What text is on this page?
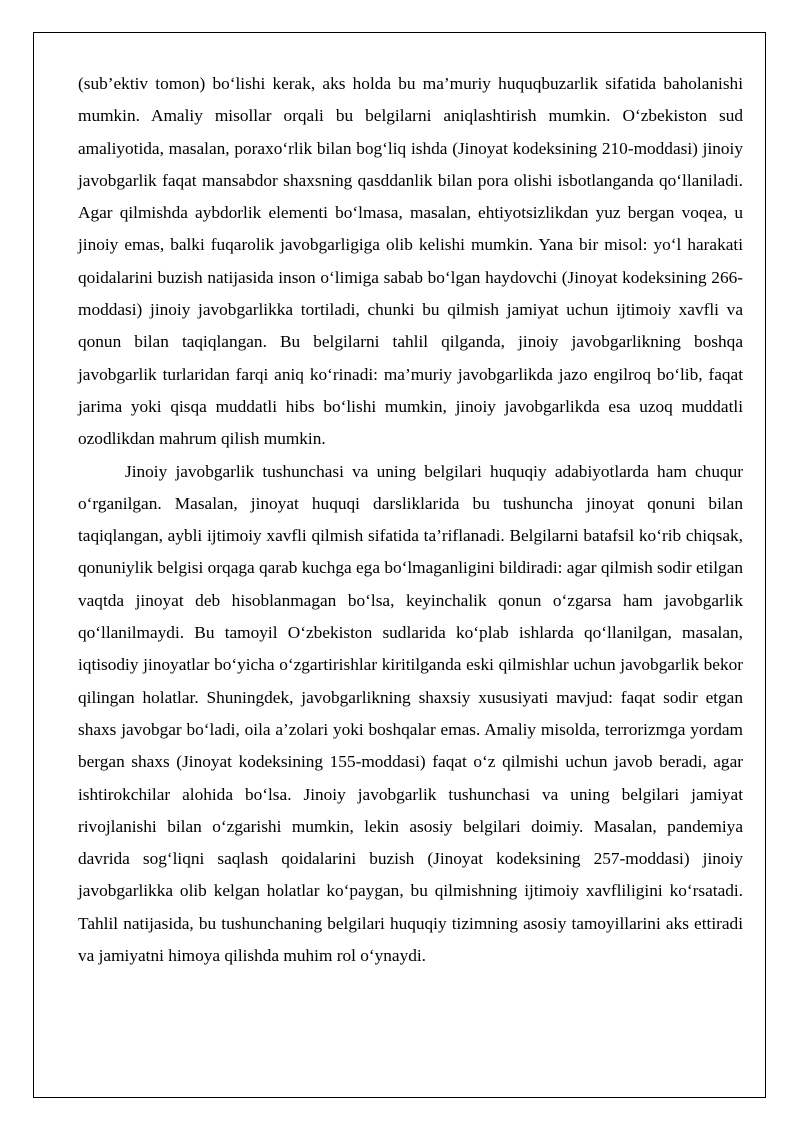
(sub’ektiv tomon) bo‘lishi kerak, aks holda bu ma’muriy huquqbuzarlik sifatida baholanishi mumkin. Amaliy misollar orqali bu belgilarni aniqlashtirish mumkin. O‘zbekiston sud amaliyotida, masalan, poraxo‘rlik bilan bog‘liq ishda (Jinoyat kodeksining 210-moddasi) jinoiy javobgarlik faqat mansabdor shaxsning qasddanlik bilan pora olishi isbotlanganda qo‘llaniladi. Agar qilmishda aybdorlik elementi bo‘lmasa, masalan, ehtiyotsizlikdan yuz bergan voqea, u jinoiy emas, balki fuqarolik javobgarligiga olib kelishi mumkin. Yana bir misol: yo‘l harakati qoidalarini buzish natijasida inson o‘limiga sabab bo‘lgan haydovchi (Jinoyat kodeksining 266-moddasi) jinoiy javobgarlikka tortiladi, chunki bu qilmish jamiyat uchun ijtimoiy xavfli va qonun bilan taqiqlangan. Bu belgilarni tahlil qilganda, jinoiy javobgarlikning boshqa javobgarlik turlaridan farqi aniq ko‘rinadi: ma’muriy javobgarlikda jazo engilroq bo‘lib, faqat jarima yoki qisqa muddatli hibs bo‘lishi mumkin, jinoiy javobgarlikda esa uzoq muddatli ozodlikdan mahrum qilish mumkin.

Jinoiy javobgarlik tushunchasi va uning belgilari huquqiy adabiyotlarda ham chuqur o‘rganilgan. Masalan, jinoyat huquqi darsliklarida bu tushuncha jinoyat qonuni bilan taqiqlangan, aybli ijtimoiy xavfli qilmish sifatida ta’riflanadi. Belgilarni batafsil ko‘rib chiqsak, qonuniylik belgisi orqaga qarab kuchga ega bo‘lmaganligini bildiradi: agar qilmish sodir etilgan vaqtda jinoyat deb hisoblanmagan bo‘lsa, keyinchalik qonun o‘zgarsa ham javobgarlik qo‘llanilmaydi. Bu tamoyil O‘zbekiston sudlarida ko‘plab ishlarda qo‘llanilgan, masalan, iqtisodiy jinoyatlar bo‘yicha o‘zgartirishlar kiritilganda eski qilmishlar uchun javobgarlik bekor qilingan holatlar. Shuningdek, javobgarlikning shaxsiy xususiyati mavjud: faqat sodir etgan shaxs javobgar bo‘ladi, oila a’zolari yoki boshqalar emas. Amaliy misolda, terrorizmga yordam bergan shaxs (Jinoyat kodeksining 155-moddasi) faqat o‘z qilmishi uchun javob beradi, agar ishtirokchilar alohida bo‘lsa. Jinoiy javobgarlik tushunchasi va uning belgilari jamiyat rivojlanishi bilan o‘zgarishi mumkin, lekin asosiy belgilari doimiy. Masalan, pandemiya davrida sog‘liqni saqlash qoidalarini buzish (Jinoyat kodeksining 257-moddasi) jinoiy javobgarlikka olib kelgan holatlar ko‘paygan, bu qilmishning ijtimoiy xavfliligini ko‘rsatadi. Tahlil natijasida, bu tushunchaning belgilari huquqiy tizimning asosiy tamoyillarini aks ettiradi va jamiyatni himoya qilishda muhim rol o‘ynaydi.
